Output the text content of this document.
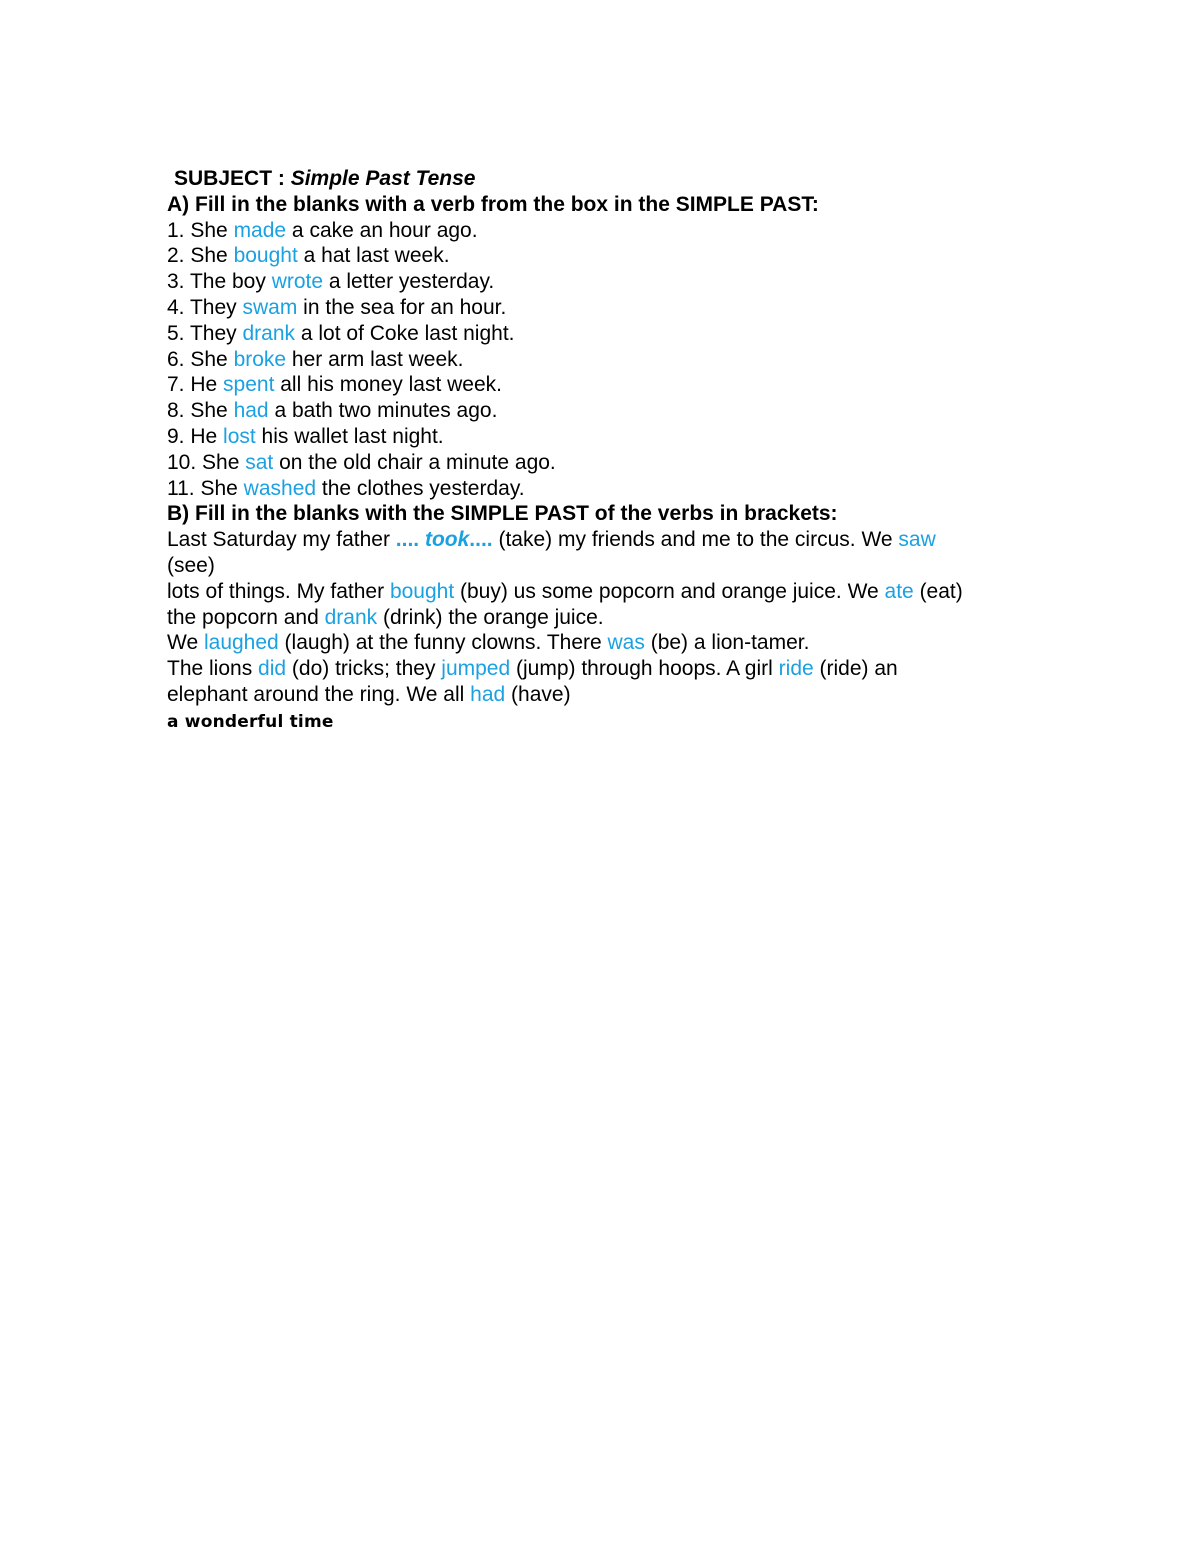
SUBJECT : Simple Past Tense
A) Fill in the blanks with a verb from the box in the SIMPLE PAST:
1. She made a cake an hour ago.
2. She bought a hat last week.
3. The boy wrote a letter yesterday.
4. They swam in the sea for an hour.
5. They drank a lot of Coke last night.
6. She broke her arm last week.
7. He spent all his money last week.
8. She had a bath two minutes ago.
9. He lost his wallet last night.
10. She sat on the old chair a minute ago.
11. She washed the clothes yesterday.
B) Fill in the blanks with the SIMPLE PAST of the verbs in brackets:
Last Saturday my father .... took.... (take) my friends and me to the circus. We saw
(see)
lots of things. My father bought (buy) us some popcorn and orange juice. We ate (eat)
the popcorn and drank (drink) the orange juice.
We laughed (laugh) at the funny clowns. There was (be) a lion-tamer.
The lions did (do) tricks; they jumped (jump) through hoops. A girl ride (ride) an
elephant around the ring. We all had (have)
a wonderful time
